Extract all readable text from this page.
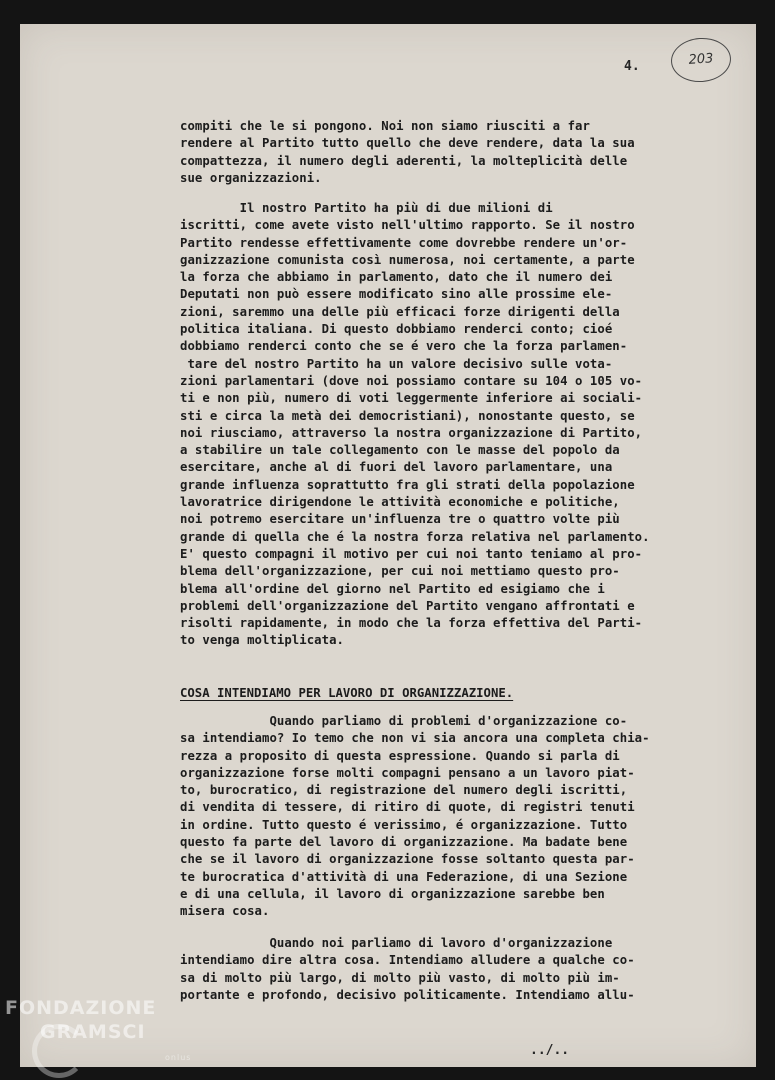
4.	203
compiti che le si pongono. Noi non siamo riusciti a far
rendere al Partito tutto quello che deve rendere, data la sua
compattezza, il numero degli aderenti, la molteplicità delle
sue organizzazioni.
Il nostro Partito ha più di due milioni di
iscritti, come avete visto nell'ultimo rapporto. Se il nostro
Partito rendesse effettivamente come dovrebbe rendere un'or-
ganizzazione comunista così numerosa, noi certamente, a parte
la forza che abbiamo in parlamento, dato che il numero dei
Deputati non può essere modificato sino alle prossime ele-
zioni, saremmo una delle più efficaci forze dirigenti della
politica italiana. Di questo dobbiamo renderci conto; cioé
dobbiamo renderci conto che se é vero che la forza parlamen-
tare del nostro Partito ha un valore decisivo sulle vota-
zioni parlamentari (dove noi possiamo contare su 104 o 105 vo-
ti e non più, numero di voti leggermente inferiore ai sociali-
sti e circa la metà dei democristiani), nonostante questo, se
noi riusciamo, attraverso la nostra organizzazione di Partito,
a stabilire un tale collegamento con le masse del popolo da
esercitare, anche al di fuori del lavoro parlamentare, una
grande influenza soprattutto fra gli strati della popolazione
lavoratrice dirigendone le attività economiche e politiche,
noi potremo esercitare un'influenza tre o quattro volte più
grande di quella che é la nostra forza relativa nel parlamento.
E' questo compagni il motivo per cui noi tanto teniamo al pro-
blema dell'organizzazione, per cui noi mettiamo questo pro-
blema all'ordine del giorno nel Partito ed esigiamo che i
problemi dell'organizzazione del Partito vengano affrontati e
risolti rapidamente, in modo che la forza effettiva del Parti-
to venga moltiplicata.
COSA INTENDIAMO PER LAVORO DI ORGANIZZAZIONE.
Quando parliamo di problemi d'organizzazione co-
sa intendiamo? Io temo che non vi sia ancora una completa chia-
rezza a proposito di questa espressione. Quando si parla di
organizzazione forse molti compagni pensano a un lavoro piat-
to, burocratico, di registrazione del numero degli iscritti,
di vendita di tessere, di ritiro di quote, di registri tenuti
in ordine. Tutto questo é verissimo, é organizzazione. Tutto
questo fa parte del lavoro di organizzazione. Ma badate bene
che se il lavoro di organizzazione fosse soltanto questa par-
te burocratica d'attività di una Federazione, di una Sezione
e di una cellula, il lavoro di organizzazione sarebbe ben
misera cosa.
Quando noi parliamo di lavoro d'organizzazione
intendiamo dire altra cosa. Intendiamo alludere a qualche co-
sa di molto più largo, di molto più vasto, di molto più im-
portante e profondo, decisivo politicamente. Intendiamo allu-
../..
FONDAZIONE
GRAMSCI
onlus
